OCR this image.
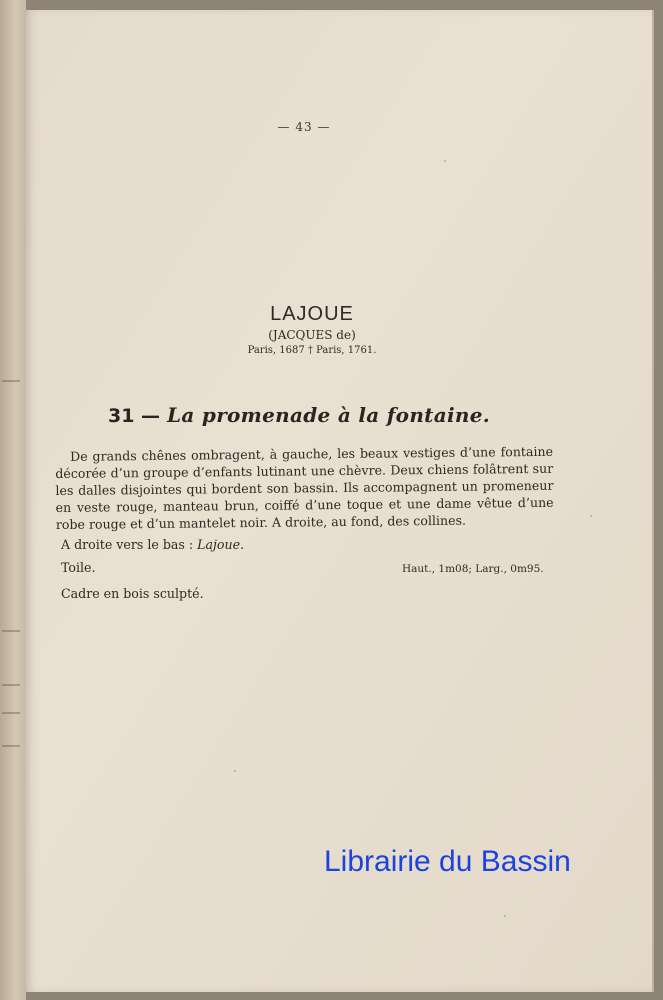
— 43 —

LAJOUE

(JACQUES de)

Paris, 1687 † Paris, 1761.

31 — La promenade à la fontaine.

De grands chênes ombragent, à gauche, les beaux vestiges d’une fontaine décorée d’un groupe d’enfants lutinant une chèvre. Deux chiens folâtrent sur les dalles disjointes qui bordent son bassin. Ils accompagnent un promeneur en veste rouge, manteau brun, coiffé d’une toque et une dame vêtue d’une robe rouge et d’un mantelet noir. A droite, au fond, des collines.

A droite vers le bas : Lajoue.

Toile.	Haut., 1m08; Larg., 0m95.

Cadre en bois sculpté.

Librairie du Bassin
